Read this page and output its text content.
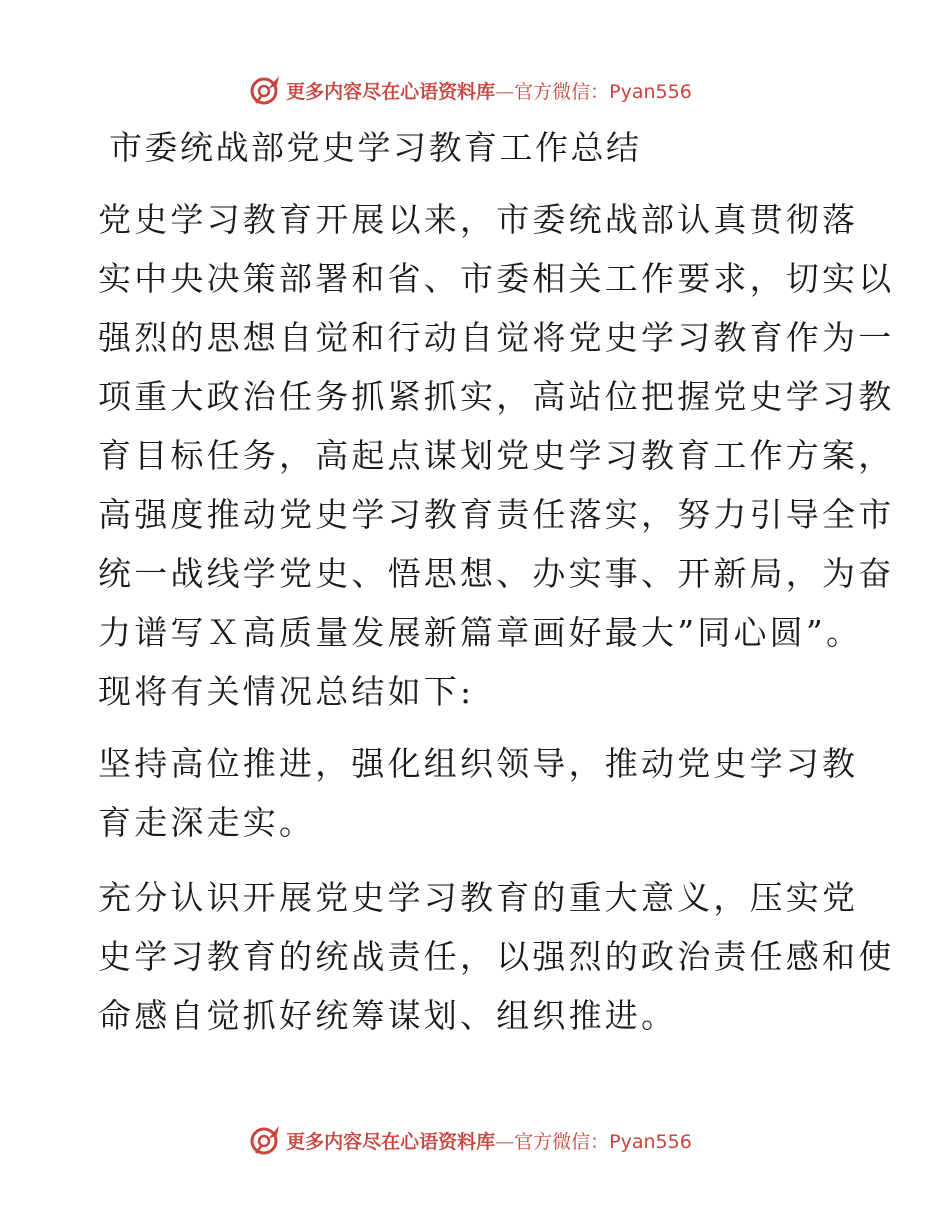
更多内容尽在心语资料库—官方微信：Pyan556
市委统战部党史学习教育工作总结
党史学习教育开展以来，市委统战部认真贯彻落
实中央决策部署和省、市委相关工作要求，切实以
强烈的思想自觉和行动自觉将党史学习教育作为一
项重大政治任务抓紧抓实，高站位把握党史学习教
育目标任务，高起点谋划党史学习教育工作方案，
高强度推动党史学习教育责任落实，努力引导全市
统一战线学党史、悟思想、办实事、开新局，为奋
力谱写Ｘ高质量发展新篇章画好最大”同心圆”。
现将有关情况总结如下:
坚持高位推进，强化组织领导，推动党史学习教
育走深走实。
充分认识开展党史学习教育的重大意义，压实党
史学习教育的统战责任，以强烈的政治责任感和使
命感自觉抓好统筹谋划、组织推进。
更多内容尽在心语资料库—官方微信：Pyan556
